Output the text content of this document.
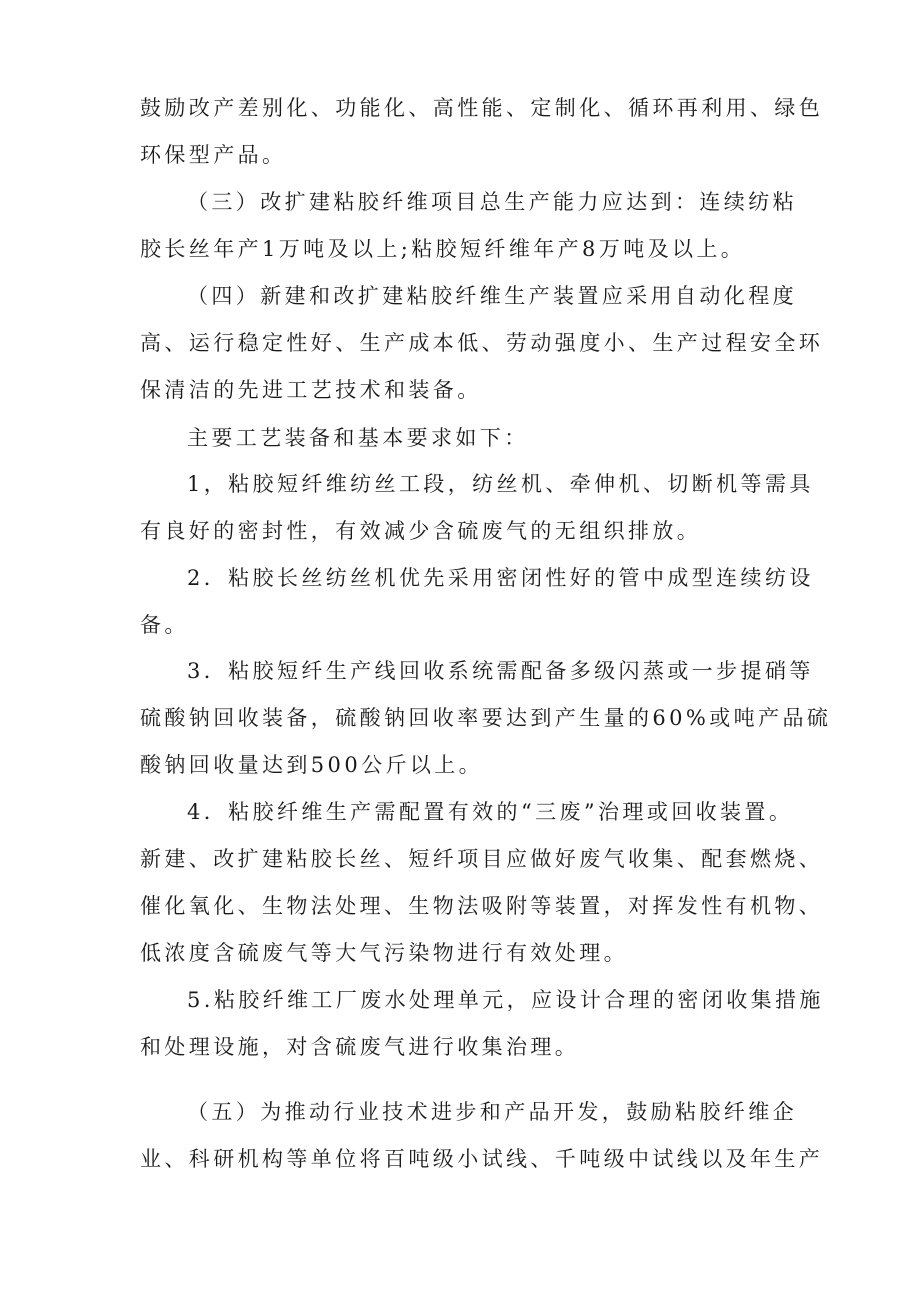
鼓励改产差别化、功能化、高性能、定制化、循环再利用、绿色
环保型产品。
（三）改扩建粘胶纤维项目总生产能力应达到：连续纺粘
胶长丝年产1万吨及以上;粘胶短纤维年产8万吨及以上。
（四）新建和改扩建粘胶纤维生产装置应采用自动化程度
高、运行稳定性好、生产成本低、劳动强度小、生产过程安全环
保清洁的先进工艺技术和装备。
主要工艺装备和基本要求如下：
1，粘胶短纤维纺丝工段，纺丝机、牵伸机、切断机等需具
有良好的密封性，有效减少含硫废气的无组织排放。
2．粘胶长丝纺丝机优先采用密闭性好的管中成型连续纺设
备。
3．粘胶短纤生产线回收系统需配备多级闪蒸或一步提硝等
硫酸钠回收装备，硫酸钠回收率要达到产生量的60%或吨产品硫
酸钠回收量达到500公斤以上。
4．粘胶纤维生产需配置有效的“三废”治理或回收装置。
新建、改扩建粘胶长丝、短纤项目应做好废气收集、配套燃烧、
催化氧化、生物法处理、生物法吸附等装置，对挥发性有机物、
低浓度含硫废气等大气污染物进行有效处理。
5.粘胶纤维工厂废水处理单元，应设计合理的密闭收集措施
和处理设施，对含硫废气进行收集治理。
（五）为推动行业技术进步和产品开发，鼓励粘胶纤维企
业、科研机构等单位将百吨级小试线、千吨级中试线以及年生产
